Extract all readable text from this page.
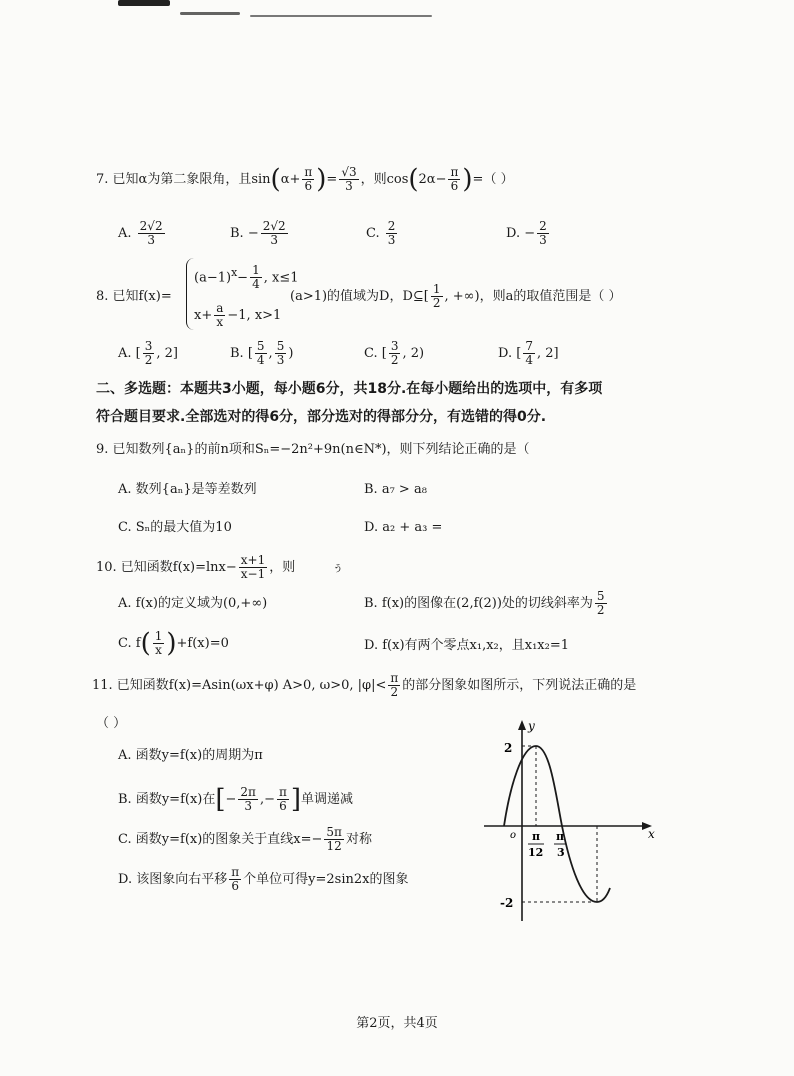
7. 已知α为第二象限角，且$\sin(\alpha+ \frac{\pi}{6}$ )= $\frac{√3}{3}$ ，则$\cos(2\alpha- \frac{\pi}{6}$ )=（ ）
A. $\frac{2√2}{3}$	B. − $\frac{2√2}{3}$	C. $\frac{2}{3}$	D. − $\frac{2}{3}$
8. 已知f(x)=
$(a-1)^x- \frac{1}{4}$ , x≤1
$x+ \frac{a}{x} -1$, x>1
(a>1)的值域为D，D⊆[ $\frac{1}{2}$ , +∞)，则a的取值范围是（ ）
A. [ $\frac{3}{2}$ , 2]	B. [ $\frac{5}{4}$ , $\frac{5}{3}$ )	C. [ $\frac{3}{2}$ , 2)	D. [ $\frac{7}{4}$ , 2]
二、多选题：本题共3小题，每小题6分，共18分.在每小题给出的选项中，有多项
符合题目要求.全部选对的得6分，部分选对的得部分分，有选错的得0分.
9. 已知数列{aₙ}的前n项和Sₙ=−2n²+9n(n∈N*)，则下列结论正确的是（
A. 数列{aₙ}是等差数列	B. a₇ > a₈
C. Sₙ的最大值为10	D. a₂ + a₃ =
10. 已知函数$f(x)=\ln x- \frac{x+1}{x-1}$ ，则	ぅ
A. f(x)的定义域为(0,+∞)	B. f(x)的图像在(2,f(2))处的切线斜率为 $\frac{5}{2}$
C. $f( \frac{1}{x} )+f(x)=0$	D. f(x)有两个零点x₁,x₂，且x₁x₂=1
11. 已知函数f(x)=Asin(ωx+φ) A>0, ω>0, $|\varphi|< \frac{\pi}{2}$ 的部分图象如图所示，下列说法正确的是
（ ）
A. 函数y=f(x)的周期为π
B. 函数y=f(x)在[− $\frac{2\pi}{3}$ ,− $\frac{\pi}{6}$ ]单调递减
C. 函数y=f(x)的图象关于直线$x=- \frac{5\pi}{12}$ 对称
D. 该图象向右平移 $\frac{\pi}{6}$ 个单位可得y=2sin2x的图象
y
x
o
2
-2
π
12
π
3
第2页，共4页
